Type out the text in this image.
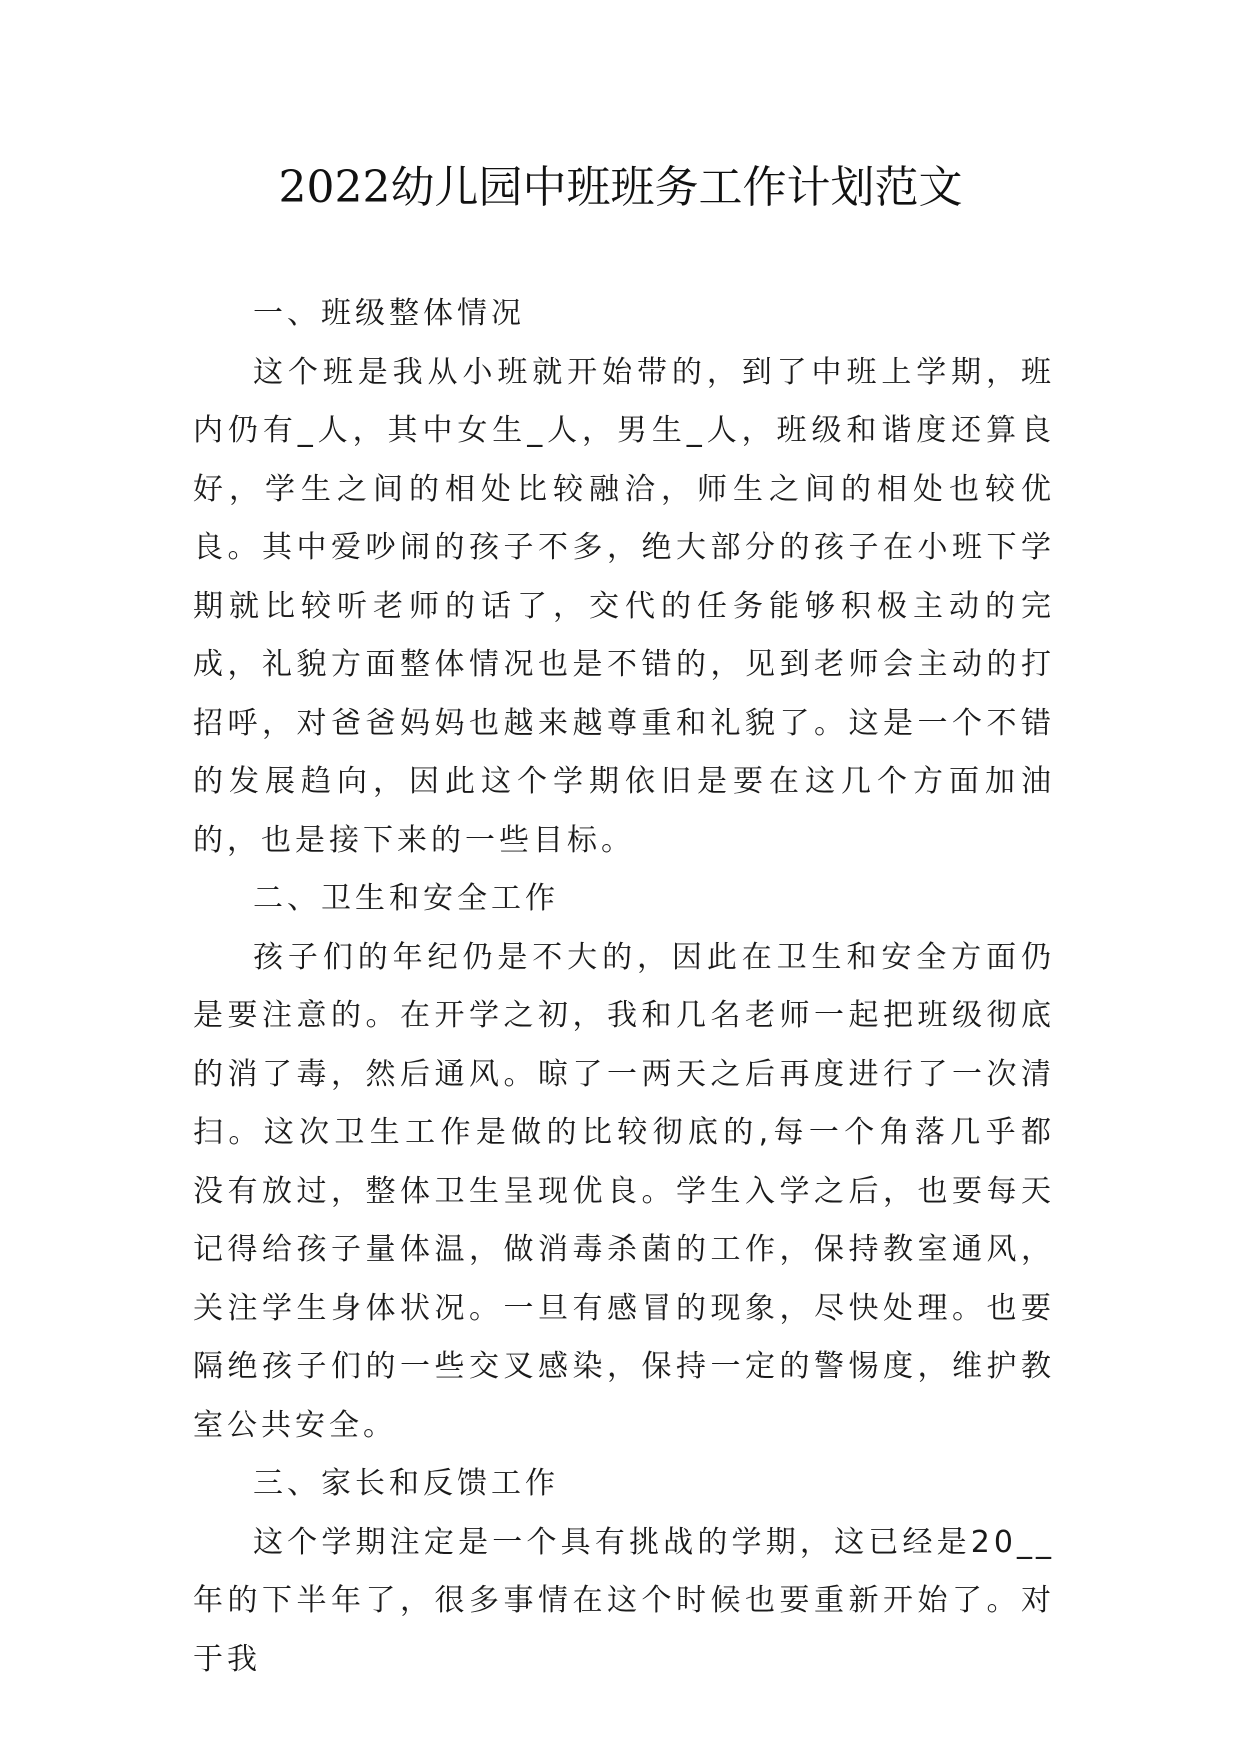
2022幼儿园中班班务工作计划范文

一、班级整体情况

这个班是我从小班就开始带的，到了中班上学期，班内仍有_人，其中女生_人，男生_人，班级和谐度还算良好，学生之间的相处比较融洽，师生之间的相处也较优良。其中爱吵闹的孩子不多，绝大部分的孩子在小班下学期就比较听老师的话了，交代的任务能够积极主动的完成，礼貌方面整体情况也是不错的，见到老师会主动的打招呼，对爸爸妈妈也越来越尊重和礼貌了。这是一个不错的发展趋向，因此这个学期依旧是要在这几个方面加油的，也是接下来的一些目标。

二、卫生和安全工作

孩子们的年纪仍是不大的，因此在卫生和安全方面仍是要注意的。在开学之初，我和几名老师一起把班级彻底的消了毒，然后通风。晾了一两天之后再度进行了一次清扫。这次卫生工作是做的比较彻底的,每一个角落几乎都没有放过，整体卫生呈现优良。学生入学之后，也要每天记得给孩子量体温，做消毒杀菌的工作，保持教室通风，关注学生身体状况。一旦有感冒的现象，尽快处理。也要隔绝孩子们的一些交叉感染，保持一定的警惕度，维护教室公共安全。

三、家长和反馈工作

这个学期注定是一个具有挑战的学期，这已经是20__年的下半年了，很多事情在这个时候也要重新开始了。对于我
